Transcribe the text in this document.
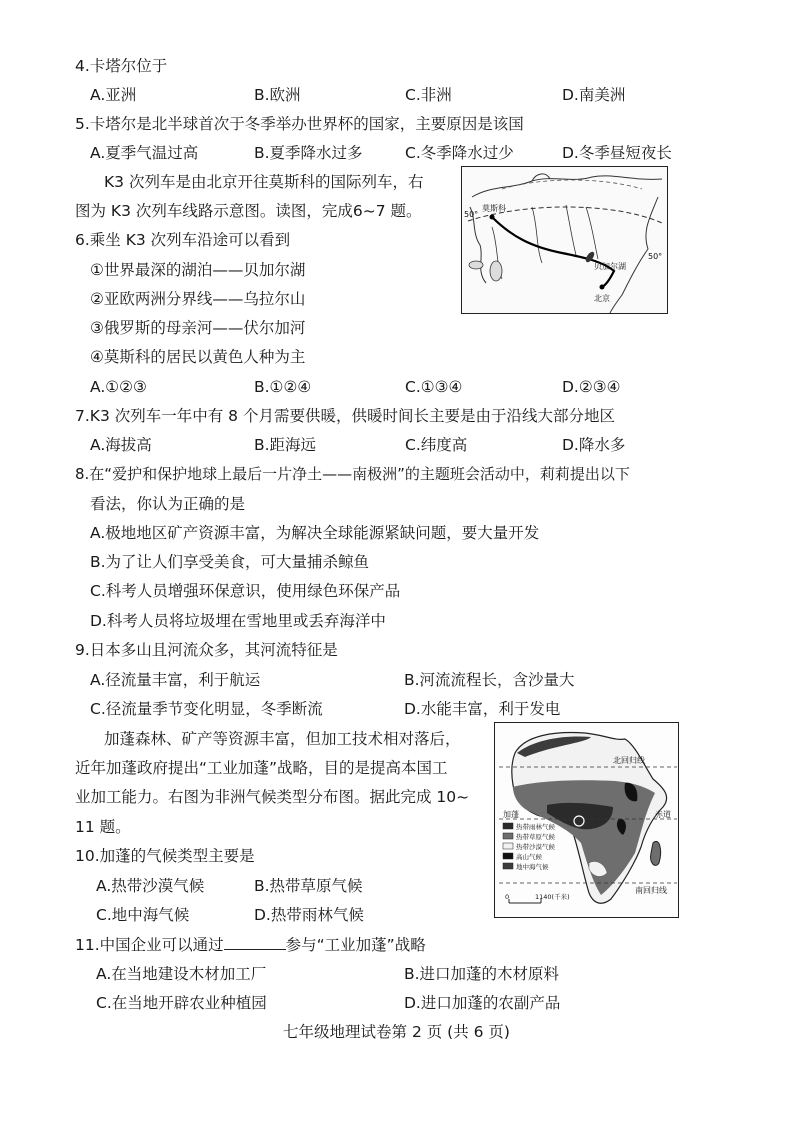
4.卡塔尔位于
A.亚洲	B.欧洲	C.非洲	D.南美洲
5.卡塔尔是北半球首次于冬季举办世界杯的国家，主要原因是该国
A.夏季气温过高	B.夏季降水过多	C.冬季降水过少	D.冬季昼短夜长
K3 次列车是由北京开往莫斯科的国际列车，右
图为 K3 次列车线路示意图。读图，完成6~7 题。	50°
50°
莫斯科
贝加尔湖
北京
6.乘坐 K3 次列车沿途可以看到
①世界最深的湖泊——贝加尔湖
②亚欧两洲分界线——乌拉尔山
③俄罗斯的母亲河——伏尔加河
④莫斯科的居民以黄色人种为主
A.①②③	B.①②④	C.①③④	D.②③④
7.K3 次列车一年中有 8 个月需要供暖，供暖时间长主要是由于沿线大部分地区
A.海拔高	B.距海远	C.纬度高	D.降水多
8.在“爱护和保护地球上最后一片净土——南极洲”的主题班会活动中，莉莉提出以下
看法，你认为正确的是
A.极地地区矿产资源丰富，为解决全球能源紧缺问题，要大量开发
B.为了让人们享受美食，可大量捕杀鲸鱼
C.科考人员增强环保意识，使用绿色环保产品
D.科考人员将垃圾埋在雪地里或丢弃海洋中
9.日本多山且河流众多，其河流特征是
A.径流量丰富，利于航运	B.河流流程长，含沙量大
C.径流量季节变化明显，冬季断流	D.水能丰富，利于发电
加蓬森林、矿产等资源丰富，但加工技术相对落后，
近年加蓬政府提出“工业加蓬”战略，目的是提高本国工
业加工能力。右图为非洲气候类型分布图。据此完成 10~
11 题。
北回归线
赤道
加蓬
南回归线
热带雨林气候
热带草原气候
热带沙漠气候
高山气候
地中海气候
0	1140(千米)
10.加蓬的气候类型主要是
A.热带沙漠气候	B.热带草原气候
C.地中海气候	D.热带雨林气候
11.中国企业可以通过	参与“工业加蓬”战略
A.在当地建设木材加工厂	B.进口加蓬的木材原料
C.在当地开辟农业种植园	D.进口加蓬的农副产品
七年级地理试卷第 2 页 (共 6 页)
